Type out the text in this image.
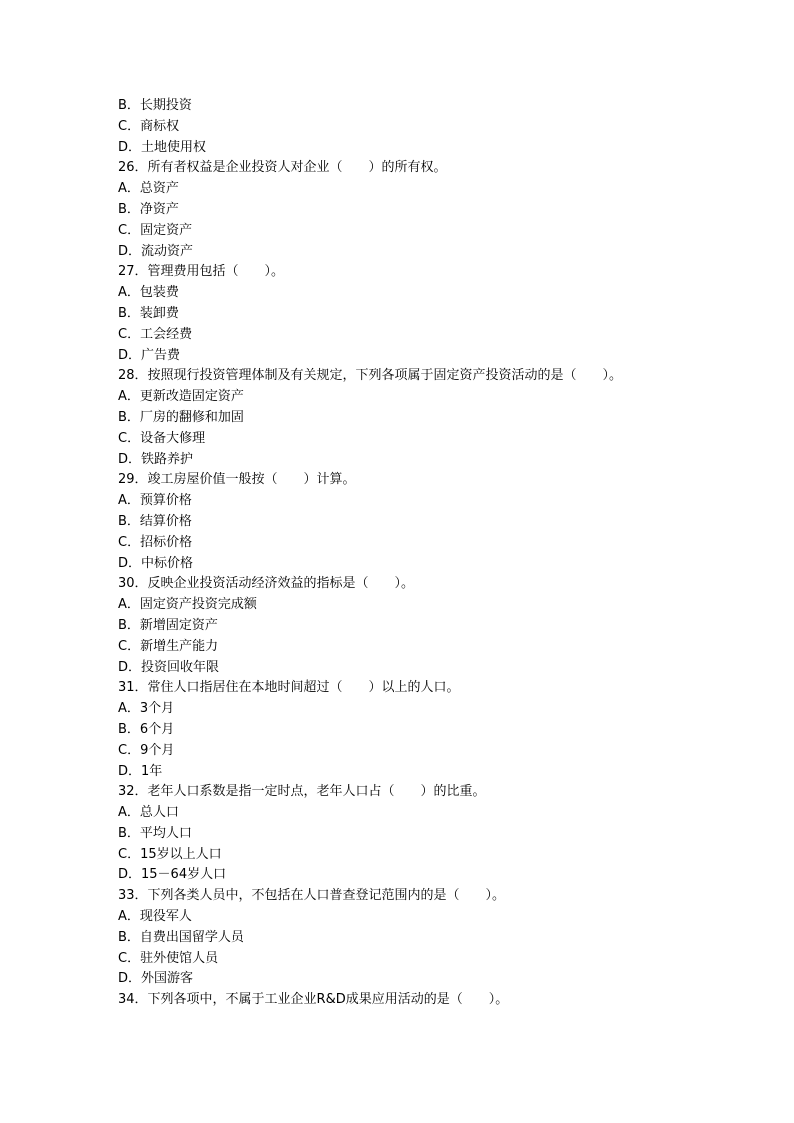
B．长期投资
C．商标权
D．土地使用权
26．所有者权益是企业投资人对企业（　　）的所有权。
A．总资产
B．净资产
C．固定资产
D．流动资产
27．管理费用包括（　　）。
A．包装费
B．装卸费
C．工会经费
D．广告费
28．按照现行投资管理体制及有关规定，下列各项属于固定资产投资活动的是（　　）。
A．更新改造固定资产
B．厂房的翻修和加固
C．设备大修理
D．铁路养护
29．竣工房屋价值一般按（　　）计算。
A．预算价格
B．结算价格
C．招标价格
D．中标价格
30．反映企业投资活动经济效益的指标是（　　）。
A．固定资产投资完成额
B．新增固定资产
C．新增生产能力
D．投资回收年限
31．常住人口指居住在本地时间超过（　　）以上的人口。
A．3个月
B．6个月
C．9个月
D．1年
32．老年人口系数是指一定时点，老年人口占（　　）的比重。
A．总人口
B．平均人口
C．15岁以上人口
D．15－64岁人口
33．下列各类人员中，不包括在人口普查登记范围内的是（　　）。
A．现役军人
B．自费出国留学人员
C．驻外使馆人员
D．外国游客
34．下列各项中，不属于工业企业R&D成果应用活动的是（　　）。
